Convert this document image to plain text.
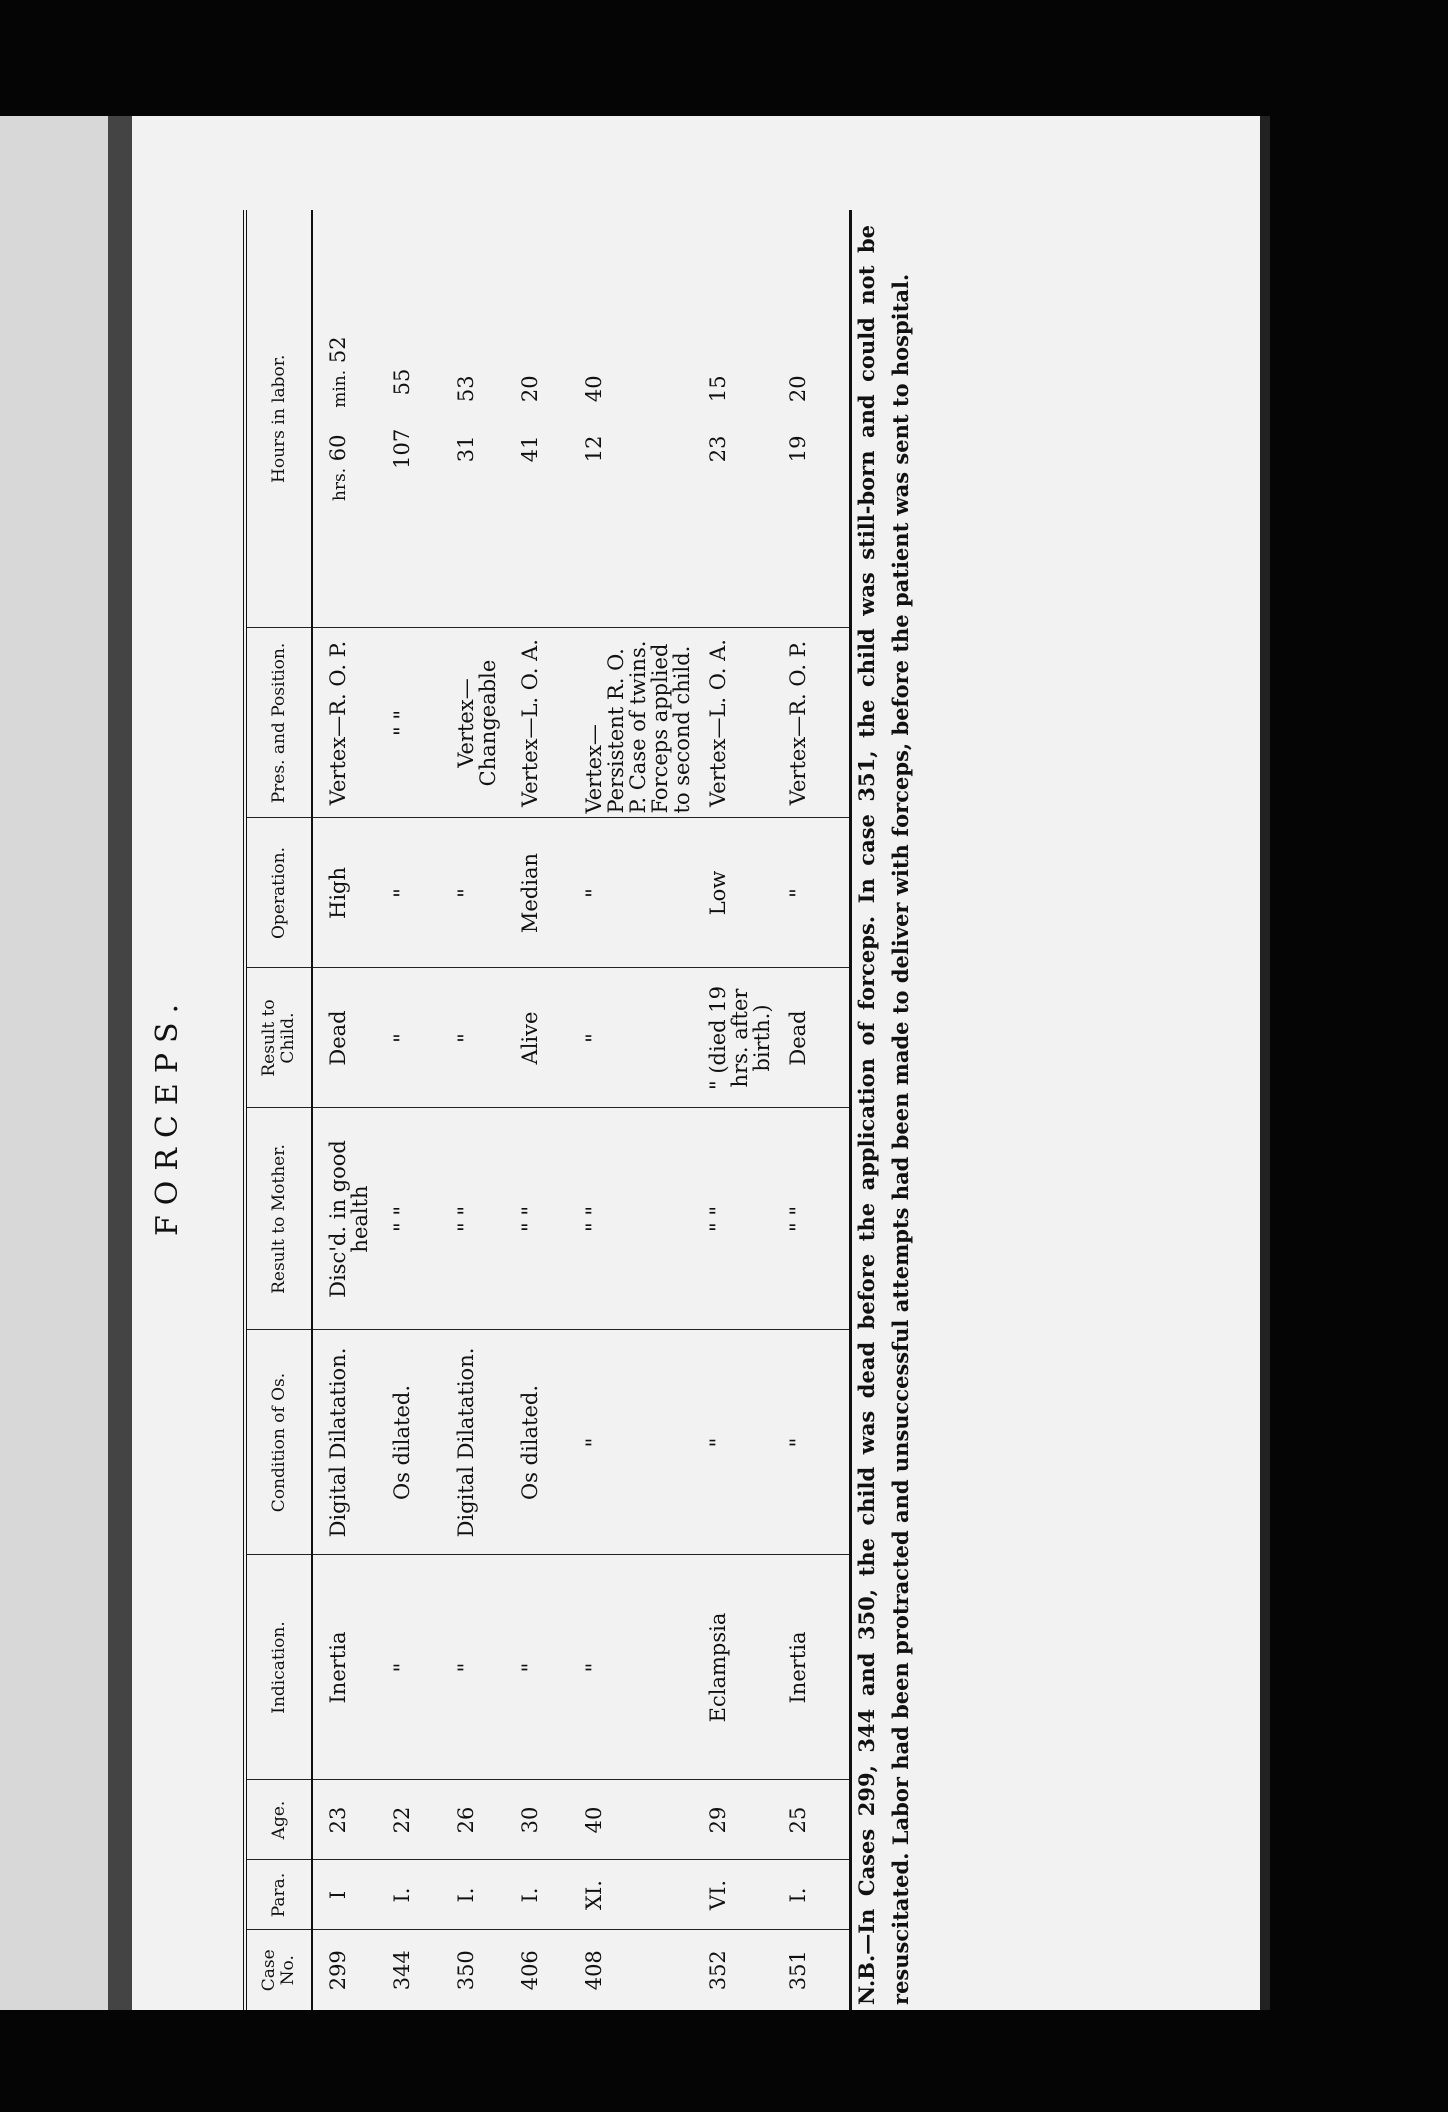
FORCEPS.
Case No.	Para.	Age.	Indication.	Condition of Os.	Result to Mother.	Result to Child.	Operation.	Pres. and Position.	Hours in labor.
299	I	23	Inertia	Digital Dilatation.	Disc'd. in good health	Dead	High	Vertex—R. O. P.	hrs. 60    min. 52
344	I.	22	"	Os dilated.	" "	"	"	" "	107     55
350	I.	26	"	Digital Dilatation.	" "	"	"	Vertex—Changeable	31     53
406	I.	30	"	Os dilated.	" "	Alive	Median	Vertex—L. O. A.	41     20
408	XI.	40	"	"	" "	"	"	Vertex—Persistent R. O. P. Case of twins. Forceps applied to second child.	12     40
352	VI.	29	Eclampsia	"	" "	" (died 19 hrs. after birth.)	Low	Vertex—L. O. A.	23     15
351	I.	25	Inertia	"	" "	Dead	"	Vertex—R. O. P.	19     20 N.B.—In Cases 299, 344 and 350, the child was dead before the application of forceps. In case 351, the child was still-born and could not be resuscitated. Labor had been protracted and unsuccessful attempts had been made to deliver with forceps, before the patient was sent to hospital.
